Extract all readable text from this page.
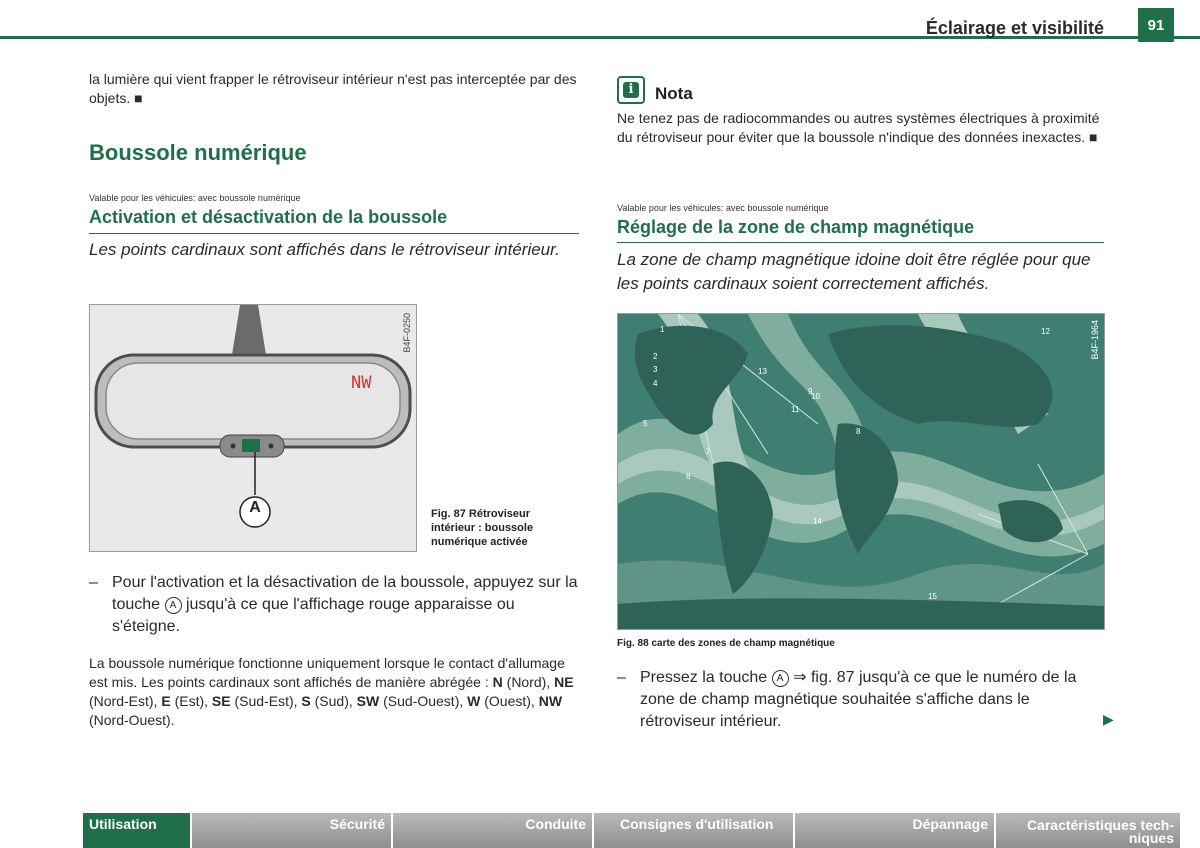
Éclairage et visibilité	91
la lumière qui vient frapper le rétroviseur intérieur n'est pas interceptée par des objets. ■
Boussole numérique
Valable pour les véhicules: avec boussole numérique
Activation et désactivation de la boussole
Les points cardinaux sont affichés dans le rétroviseur intérieur.
NW
A
B4F-0250
Fig. 87 Rétroviseur
intérieur : boussole
numérique activée
– Pour l'activation et la désactivation de la boussole, appuyez sur la touche A jusqu'à ce que l'affichage rouge apparaisse ou s'éteigne.
La boussole numérique fonctionne uniquement lorsque le contact d'allumage est mis. Les points cardinaux sont affichés de manière abrégée : N (Nord), NE (Nord-Est), E (Est), SE (Sud-Est), S (Sud), SW (Sud-Ouest), W (Ouest), NW (Nord-Ouest).
i	Nota
Ne tenez pas de radiocommandes ou autres systèmes électriques à proximité du rétroviseur pour éviter que la boussole n'indique des données inexactes. ■
Valable pour les véhicules: avec boussole numérique
Réglage de la zone de champ magnétique
La zone de champ magnétique idoine doit être réglée pour que les points cardinaux soient correctement affichés.
1
2
3
4
5
6
7
8
9
10
11
12
13
14
15
B4F-1964
Fig. 88 carte des zones de champ magnétique
– Pressez la touche A ⇒ fig. 87 jusqu'à ce que le numéro de la zone de champ magnétique souhaitée s'affiche dans le rétroviseur intérieur.	▶
Utilisation	Sécurité	Conduite	Consignes d'utilisation	Dépannage	Caractéristiques tech-
niques
